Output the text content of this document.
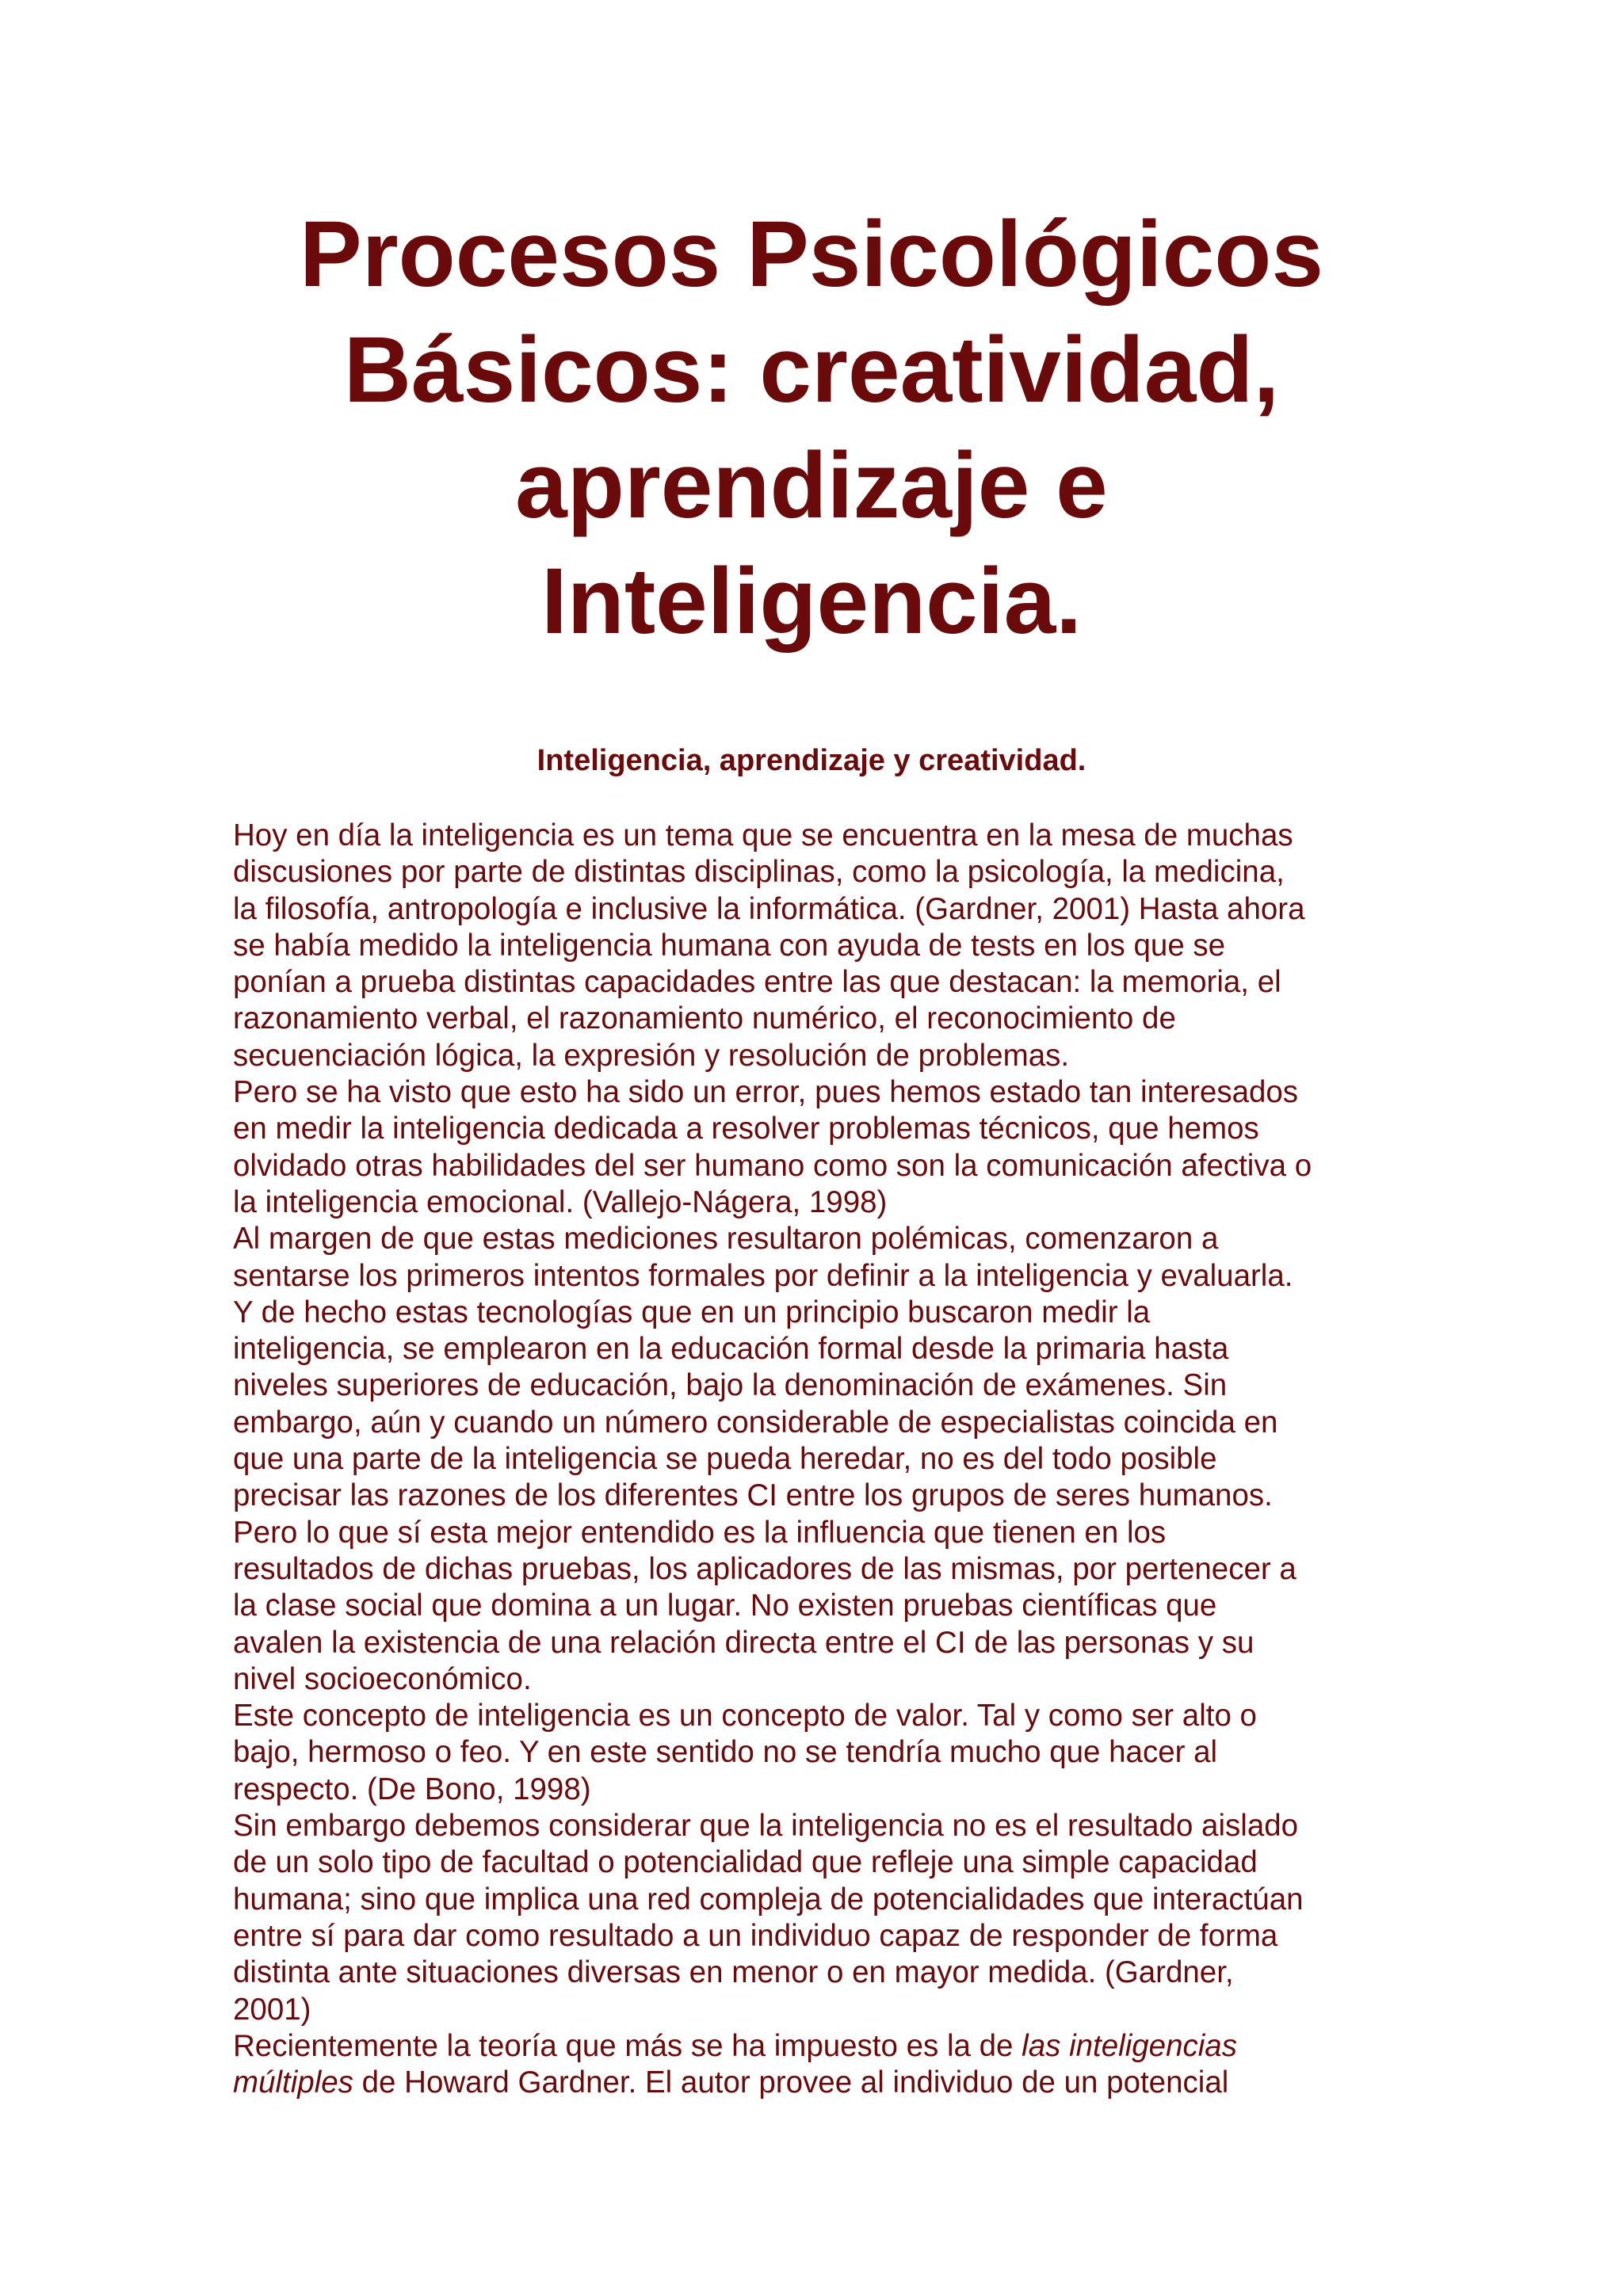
Procesos Psicológicos
Básicos: creatividad,
aprendizaje e
Inteligencia.
Inteligencia, aprendizaje y creatividad.
Hoy en día la inteligencia es un tema que se encuentra en la mesa de muchas
discusiones por parte de distintas disciplinas, como la psicología, la medicina,
la filosofía, antropología e inclusive la informática. (Gardner, 2001) Hasta ahora
se había medido la inteligencia humana con ayuda de tests en los que se
ponían a prueba distintas capacidades entre las que destacan: la memoria, el
razonamiento verbal, el razonamiento numérico, el reconocimiento de
secuenciación lógica, la expresión y resolución de problemas.
Pero se ha visto que esto ha sido un error, pues hemos estado tan interesados
en medir la inteligencia dedicada a resolver problemas técnicos, que hemos
olvidado otras habilidades del ser humano como son la comunicación afectiva o
la inteligencia emocional. (Vallejo-Nágera, 1998)
Al margen de que estas mediciones resultaron polémicas, comenzaron a
sentarse los primeros intentos formales por definir a la inteligencia y evaluarla.
Y de hecho estas tecnologías que en un principio buscaron medir la
inteligencia, se emplearon en la educación formal desde la primaria hasta
niveles superiores de educación, bajo la denominación de exámenes. Sin
embargo, aún y cuando un número considerable de especialistas coincida en
que una parte de la inteligencia se pueda heredar, no es del todo posible
precisar las razones de los diferentes CI entre los grupos de seres humanos.
Pero lo que sí esta mejor entendido es la influencia que tienen en los
resultados de dichas pruebas, los aplicadores de las mismas, por pertenecer a
la clase social que domina a un lugar. No existen pruebas científicas que
avalen la existencia de una relación directa entre el CI de las personas y su
nivel socioeconómico.
Este concepto de inteligencia es un concepto de valor. Tal y como ser alto o
bajo, hermoso o feo. Y en este sentido no se tendría mucho que hacer al
respecto. (De Bono, 1998)
Sin embargo debemos considerar que la inteligencia no es el resultado aislado
de un solo tipo de facultad o potencialidad que refleje una simple capacidad
humana; sino que implica una red compleja de potencialidades que interactúan
entre sí para dar como resultado a un individuo capaz de responder de forma
distinta ante situaciones diversas en menor o en mayor medida. (Gardner,
2001)
Recientemente la teoría que más se ha impuesto es la de las inteligencias
múltiples de Howard Gardner. El autor provee al individuo de un potencial
